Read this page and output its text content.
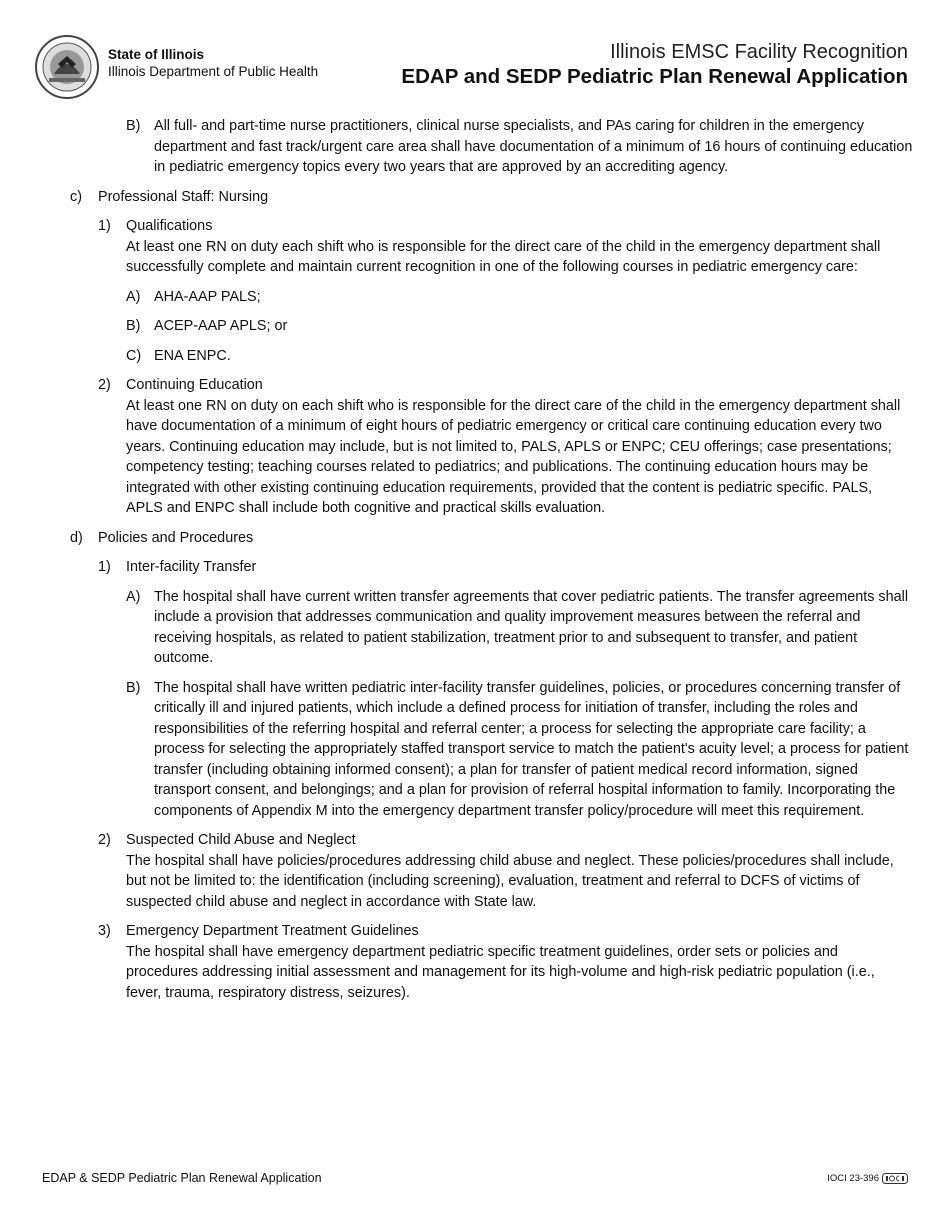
State of Illinois
Illinois Department of Public Health
Illinois EMSC Facility Recognition
EDAP and SEDP Pediatric Plan Renewal Application
B) All full- and part-time nurse practitioners, clinical nurse specialists, and PAs caring for children in the emergency department and fast track/urgent care area shall have documentation of a minimum of 16 hours of continuing education in pediatric emergency topics every two years that are approved by an accrediting agency.
c) Professional Staff: Nursing
1) Qualifications
At least one RN on duty each shift who is responsible for the direct care of the child in the emergency department shall successfully complete and maintain current recognition in one of the following courses in pediatric emergency care:
A) AHA-AAP PALS;
B) ACEP-AAP APLS; or
C) ENA ENPC.
2) Continuing Education
At least one RN on duty on each shift who is responsible for the direct care of the child in the emergency department shall have documentation of a minimum of eight hours of pediatric emergency or critical care continuing education every two years. Continuing education may include, but is not limited to, PALS, APLS or ENPC; CEU offerings; case presentations; competency testing; teaching courses related to pediatrics; and publications. The continuing education hours may be integrated with other existing continuing education requirements, provided that the content is pediatric specific. PALS, APLS and ENPC shall include both cognitive and practical skills evaluation.
d) Policies and Procedures
1) Inter-facility Transfer
A) The hospital shall have current written transfer agreements that cover pediatric patients. The transfer agreements shall include a provision that addresses communication and quality improvement measures between the referral and receiving hospitals, as related to patient stabilization, treatment prior to and subsequent to transfer, and patient outcome.
B) The hospital shall have written pediatric inter-facility transfer guidelines, policies, or procedures concerning transfer of critically ill and injured patients, which include a defined process for initiation of transfer, including the roles and responsibilities of the referring hospital and referral center; a process for selecting the appropriate care facility; a process for selecting the appropriately staffed transport service to match the patient's acuity level; a process for patient transfer (including obtaining informed consent); a plan for transfer of patient medical record information, signed transport consent, and belongings; and a plan for provision of referral hospital information to family. Incorporating the components of Appendix M into the emergency department transfer policy/procedure will meet this requirement.
2) Suspected Child Abuse and Neglect
The hospital shall have policies/procedures addressing child abuse and neglect. These policies/procedures shall include, but not be limited to: the identification (including screening), evaluation, treatment and referral to DCFS of victims of suspected child abuse and neglect in accordance with State law.
3) Emergency Department Treatment Guidelines
The hospital shall have emergency department pediatric specific treatment guidelines, order sets or policies and procedures addressing initial assessment and management for its high-volume and high-risk pediatric population (i.e., fever, trauma, respiratory distress, seizures).
EDAP & SEDP Pediatric Plan Renewal Application	IOCI 23-396
